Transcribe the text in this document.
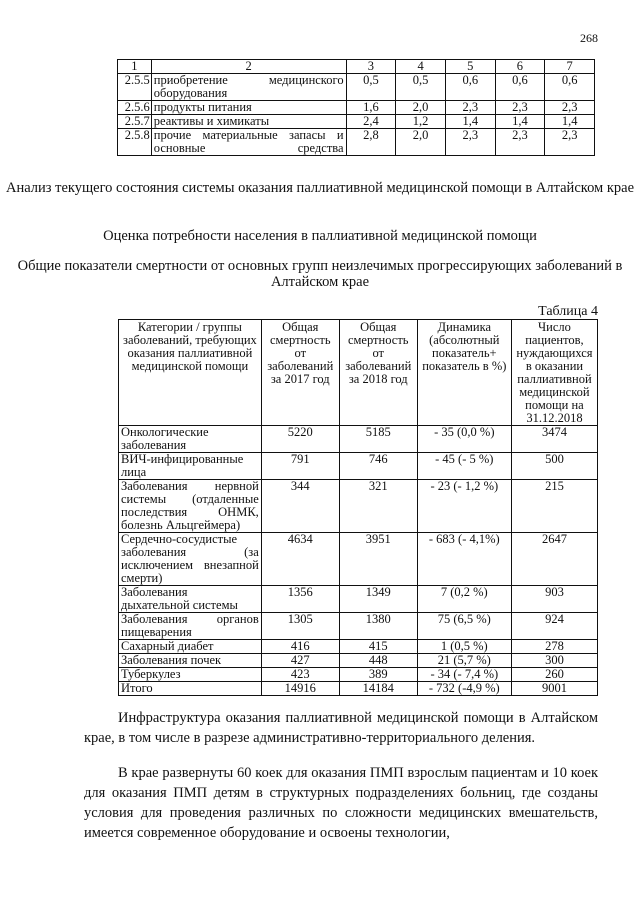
268
1	2	3	4	5	6	7
2.5.5	приобретение медицинского оборудования	0,5	0,5	0,6	0,6	0,6
2.5.6	продукты питания	1,6	2,0	2,3	2,3	2,3
2.5.7	реактивы и химикаты	2,4	1,2	1,4	1,4	1,4
2.5.8	прочие материальные запасы и основные средства	2,8	2,0	2,3	2,3	2,3
Анализ текущего состояния системы оказания паллиативной медицинской помощи в Алтайском крае
Оценка потребности населения в паллиативной медицинской помощи
Общие показатели смертности от основных групп неизлечимых прогрессирующих заболеваний в Алтайском крае
Таблица 4
Категории / группы заболеваний, требующих оказания паллиативной медицинской помощи	Общая смертность от заболеваний за 2017 год	Общая смертность от заболеваний за 2018 год	Динамика (абсолютный показатель+ показатель в %)	Число пациентов, нуждающихся в оказании паллиативной медицинской помощи на 31.12.2018
Онкологические заболевания	5220	5185	- 35 (0,0 %)	3474
ВИЧ-инфицированные лица	791	746	- 45 (- 5 %)	500
Заболевания нервной системы (отдаленные последствия ОНМК, болезнь Альцгеймера)	344	321	- 23 (- 1,2 %)	215
Сердечно-сосудистые заболевания (за исключением внезапной смерти)	4634	3951	- 683 (- 4,1%)	2647
Заболевания дыхательной системы	1356	1349	7 (0,2 %)	903
Заболевания органов пищеварения	1305	1380	75 (6,5 %)	924
Сахарный диабет	416	415	1 (0,5 %)	278
Заболевания почек	427	448	21 (5,7 %)	300
Туберкулез	423	389	- 34 (- 7,4 %)	260
Итого	14916	14184	- 732 (-4,9 %)	9001

Инфраструктура оказания паллиативной медицинской помощи в Алтайском крае, в том числе в разрезе административно-территориального деления.

В крае развернуты 60 коек для оказания ПМП взрослым пациентам и 10 коек для оказания ПМП детям в структурных подразделениях больниц, где созданы условия для проведения различных по сложности медицинских вмешательств, имеется современное оборудование и освоены технологии,
